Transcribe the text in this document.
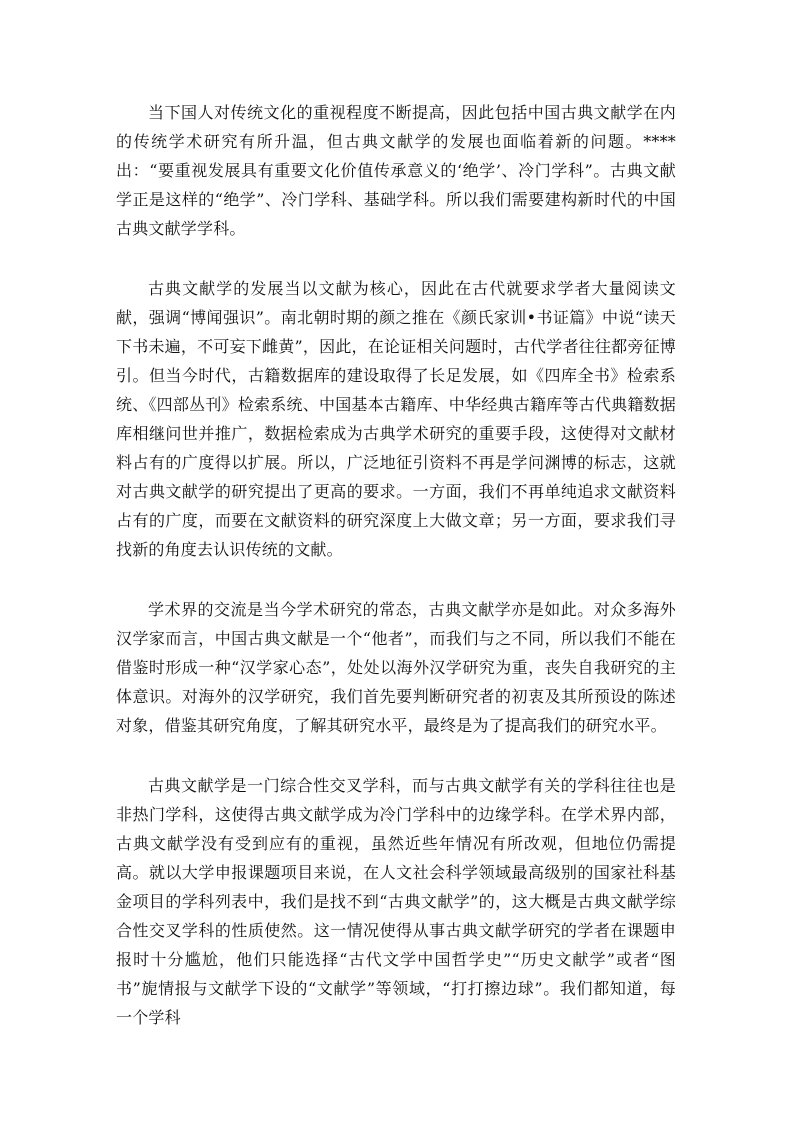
当下国人对传统文化的重视程度不断提高，因此包括中国古典文献学在内的传统学术研究有所升温，但古典文献学的发展也面临着新的问题。****出：“要重视发展具有重要文化价值传承意义的‘绝学’、冷门学科”。古典文献学正是这样的“绝学”、冷门学科、基础学科。所以我们需要建构新时代的中国古典文献学学科。

古典文献学的发展当以文献为核心，因此在古代就要求学者大量阅读文献，强调“博闻强识”。南北朝时期的颜之推在《颜氏家训•书证篇》中说“读天下书未遍，不可妄下雌黄”，因此，在论证相关问题时，古代学者往往都旁征博引。但当今时代，古籍数据库的建设取得了长足发展，如《四库全书》检索系统、《四部丛刊》检索系统、中国基本古籍库、中华经典古籍库等古代典籍数据库相继问世并推广，数据检索成为古典学术研究的重要手段，这使得对文献材料占有的广度得以扩展。所以，广泛地征引资料不再是学问渊博的标志，这就对古典文献学的研究提出了更高的要求。一方面，我们不再单纯追求文献资料占有的广度，而要在文献资料的研究深度上大做文章；另一方面，要求我们寻找新的角度去认识传统的文献。

学术界的交流是当今学术研究的常态，古典文献学亦是如此。对众多海外汉学家而言，中国古典文献是一个“他者”，而我们与之不同，所以我们不能在借鉴时形成一种“汉学家心态”，处处以海外汉学研究为重，丧失自我研究的主体意识。对海外的汉学研究，我们首先要判断研究者的初衷及其所预设的陈述对象，借鉴其研究角度，了解其研究水平，最终是为了提高我们的研究水平。

古典文献学是一门综合性交叉学科，而与古典文献学有关的学科往往也是非热门学科，这使得古典文献学成为冷门学科中的边缘学科。在学术界内部，古典文献学没有受到应有的重视，虽然近些年情况有所改观，但地位仍需提高。就以大学申报课题项目来说，在人文社会科学领域最高级别的国家社科基金项目的学科列表中，我们是找不到“古典文献学”的，这大概是古典文献学综合性交叉学科的性质使然。这一情况使得从事古典文献学研究的学者在课题申报时十分尴尬，他们只能选择“古代文学中国哲学史”“历史文献学”或者“图书”旎情报与文献学下设的“文献学”等领域，“打打擦边球”。我们都知道，每一个学科
